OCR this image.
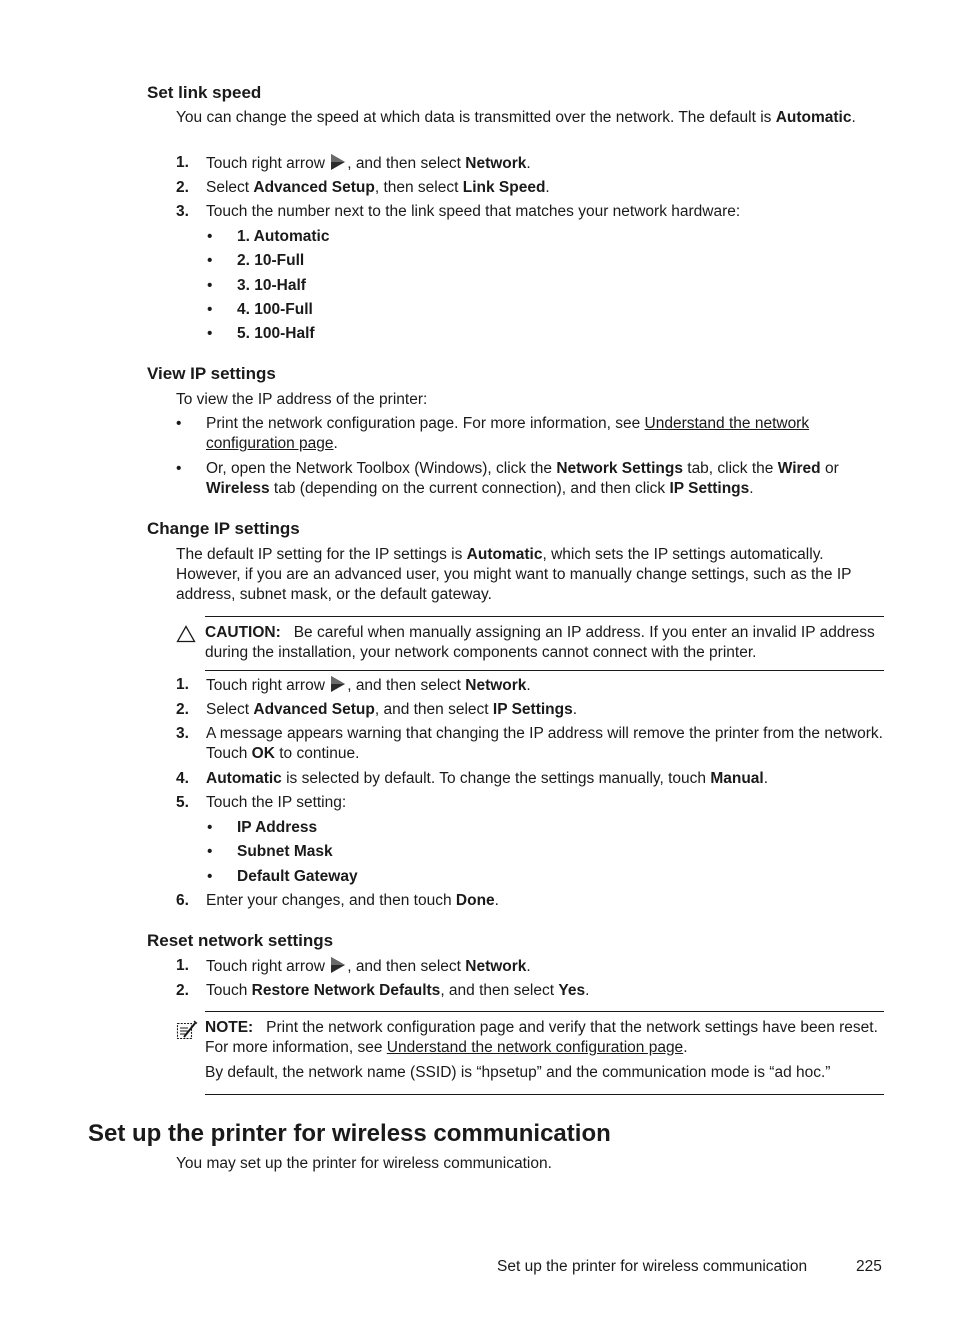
Set link speed

You can change the speed at which data is transmitted over the network. The default is Automatic.

1. Touch right arrow , and then select Network.
2. Select Advanced Setup, then select Link Speed.
3. Touch the number next to the link speed that matches your network hardware:
• 1. Automatic
• 2. 10-Full
• 3. 10-Half
• 4. 100-Full
• 5. 100-Half
View IP settings

To view the IP address of the printer:

• Print the network configuration page. For more information, see Understand the network configuration page.
• Or, open the Network Toolbox (Windows), click the Network Settings tab, click the Wired or Wireless tab (depending on the current connection), and then click IP Settings.
Change IP settings

The default IP setting for the IP settings is Automatic, which sets the IP settings automatically. However, if you are an advanced user, you might want to manually change settings, such as the IP address, subnet mask, or the default gateway.

CAUTION: Be careful when manually assigning an IP address. If you enter an invalid IP address during the installation, your network components cannot connect with the printer.
1. Touch right arrow , and then select Network.
2. Select Advanced Setup, and then select IP Settings.
3. A message appears warning that changing the IP address will remove the printer from the network. Touch OK to continue.
4. Automatic is selected by default. To change the settings manually, touch Manual.
5. Touch the IP setting:
• IP Address
• Subnet Mask
• Default Gateway
6. Enter your changes, and then touch Done.
Reset network settings
1. Touch right arrow , and then select Network.
2. Touch Restore Network Defaults, and then select Yes.
NOTE: Print the network configuration page and verify that the network settings have been reset. For more information, see Understand the network configuration page.

By default, the network name (SSID) is “hpsetup” and the communication mode is “ad hoc.”

Set up the printer for wireless communication

You may set up the printer for wireless communication.

Set up the printer for wireless communication	225
